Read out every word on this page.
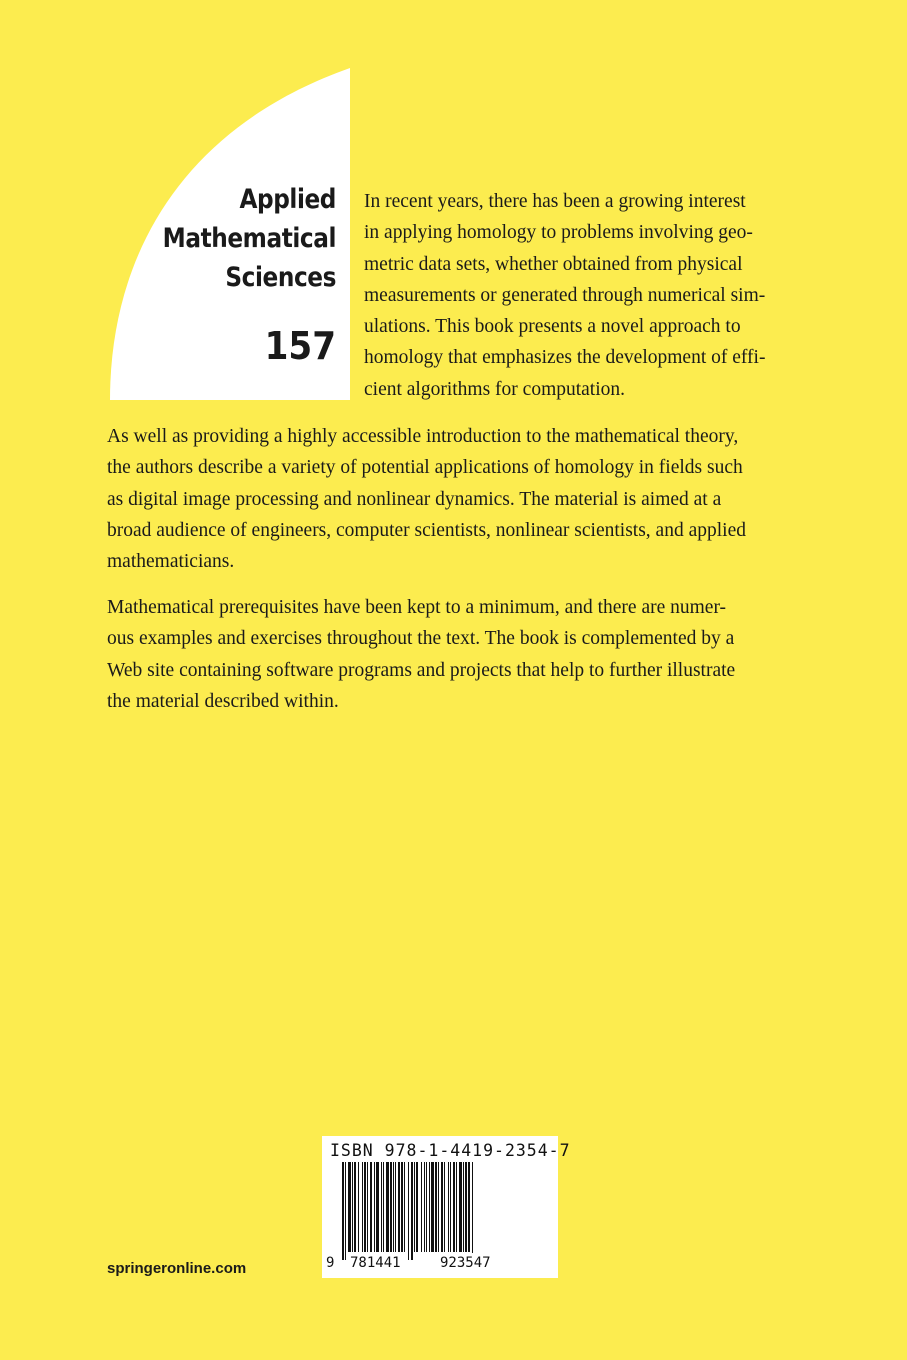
Applied
Mathematical
Sciences
157
In recent years, there has been a growing interest
in applying homology to problems involving geo-
metric data sets, whether obtained from physical
measurements or generated through numerical sim-
ulations. This book presents a novel approach to
homology that emphasizes the development of effi-
cient algorithms for computation.
As well as providing a highly accessible introduction to the mathematical theory,
the authors describe a variety of potential applications of homology in fields such
as digital image processing and nonlinear dynamics. The material is aimed at a
broad audience of engineers, computer scientists, nonlinear scientists, and applied
mathematicians.
Mathematical prerequisites have been kept to a minimum, and there are numer-
ous examples and exercises throughout the text. The book is complemented by a
Web site containing software programs and projects that help to further illustrate
the material described within.
ISBN 978-1-4419-2354-7
9 781441	923547
springeronline.com
